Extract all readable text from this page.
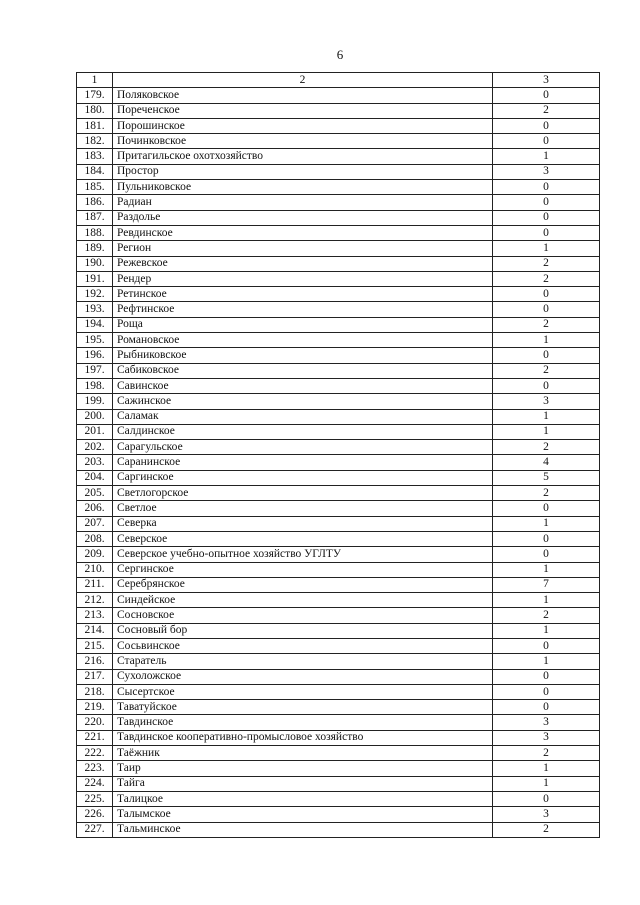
6
1	2	3
179.	Поляковское	0
180.	Пореченское	2
181.	Порошинское	0
182.	Починковское	0
183.	Притагильское охотхозяйство	1
184.	Простор	3
185.	Пульниковское	0
186.	Радиан	0
187.	Раздолье	0
188.	Ревдинское	0
189.	Регион	1
190.	Режевское	2
191.	Рендер	2
192.	Ретинское	0
193.	Рефтинское	0
194.	Роща	2
195.	Романовское	1
196.	Рыбниковское	0
197.	Сабиковское	2
198.	Савинское	0
199.	Сажинское	3
200.	Саламак	1
201.	Салдинское	1
202.	Сарагульское	2
203.	Саранинское	4
204.	Саргинское	5
205.	Светлогорское	2
206.	Светлое	0
207.	Северка	1
208.	Северское	0
209.	Северское учебно-опытное хозяйство УГЛТУ	0
210.	Сергинское	1
211.	Серебрянское	7
212.	Синдейское	1
213.	Сосновское	2
214.	Сосновый бор	1
215.	Сосьвинское	0
216.	Старатель	1
217.	Сухоложское	0
218.	Сысертское	0
219.	Таватуйское	0
220.	Тавдинское	3
221.	Тавдинское кооперативно-промысловое хозяйство	3
222.	Таёжник	2
223.	Таир	1
224.	Тайга	1
225.	Талицкое	0
226.	Талымское	3
227.	Тальминское	2
